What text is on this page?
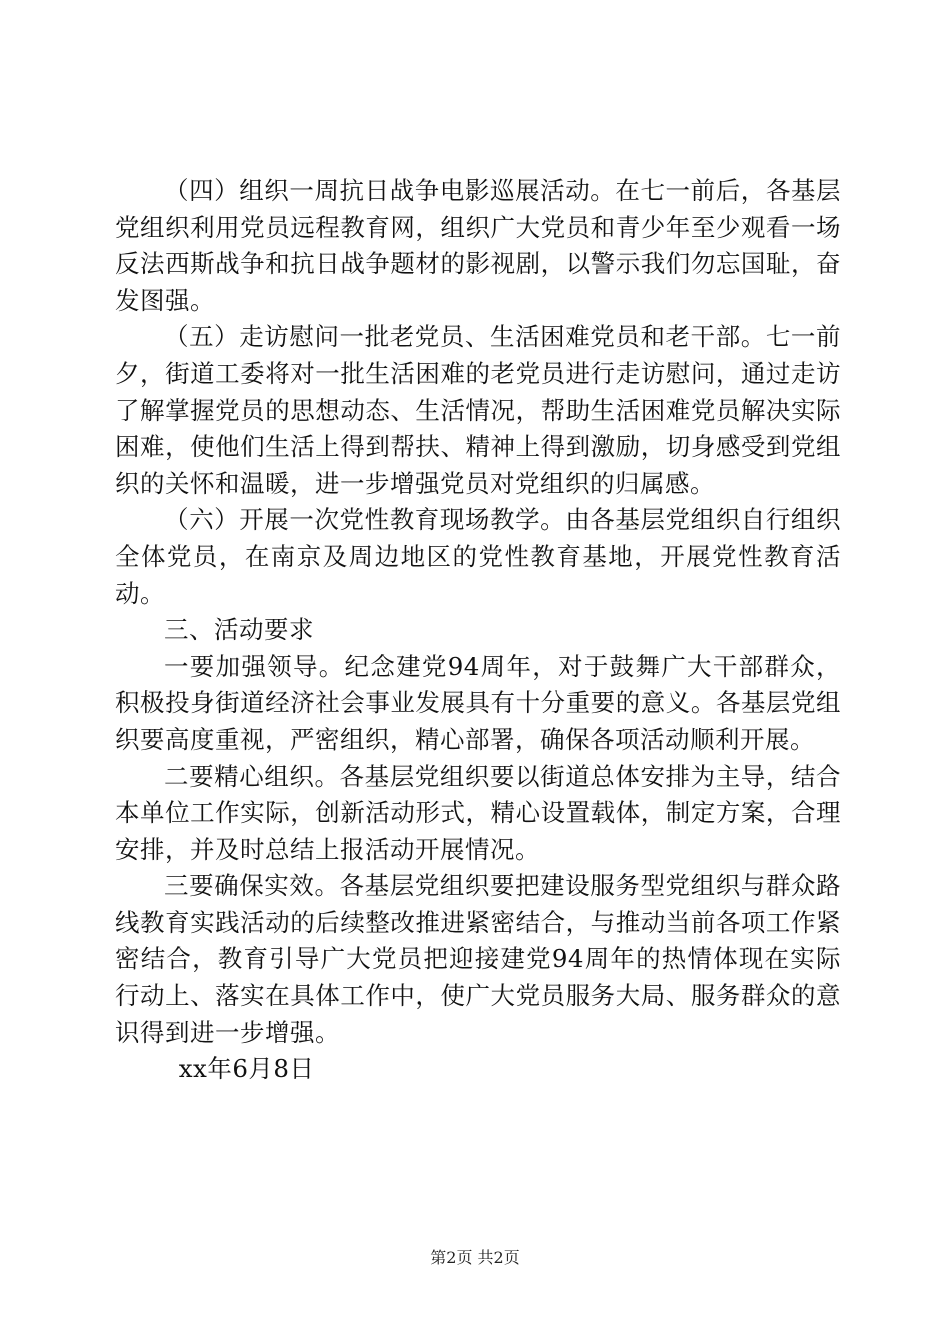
（四）组织一周抗日战争电影巡展活动。在七一前后，各基层党组织利用党员远程教育网，组织广大党员和青少年至少观看一场反法西斯战争和抗日战争题材的影视剧，以警示我们勿忘国耻，奋发图强。

（五）走访慰问一批老党员、生活困难党员和老干部。七一前夕，街道工委将对一批生活困难的老党员进行走访慰问，通过走访了解掌握党员的思想动态、生活情况，帮助生活困难党员解决实际困难，使他们生活上得到帮扶、精神上得到激励，切身感受到党组织的关怀和温暖，进一步增强党员对党组织的归属感。

（六）开展一次党性教育现场教学。由各基层党组织自行组织全体党员，在南京及周边地区的党性教育基地，开展党性教育活动。

三、活动要求

一要加强领导。纪念建党94周年，对于鼓舞广大干部群众，积极投身街道经济社会事业发展具有十分重要的意义。各基层党组织要高度重视，严密组织，精心部署，确保各项活动顺利开展。

二要精心组织。各基层党组织要以街道总体安排为主导，结合本单位工作实际，创新活动形式，精心设置载体，制定方案，合理安排，并及时总结上报活动开展情况。

三要确保实效。各基层党组织要把建设服务型党组织与群众路线教育实践活动的后续整改推进紧密结合，与推动当前各项工作紧密结合，教育引导广大党员把迎接建党94周年的热情体现在实际行动上、落实在具体工作中，使广大党员服务大局、服务群众的意识得到进一步增强。

xx年6月8日

第2页 共2页
